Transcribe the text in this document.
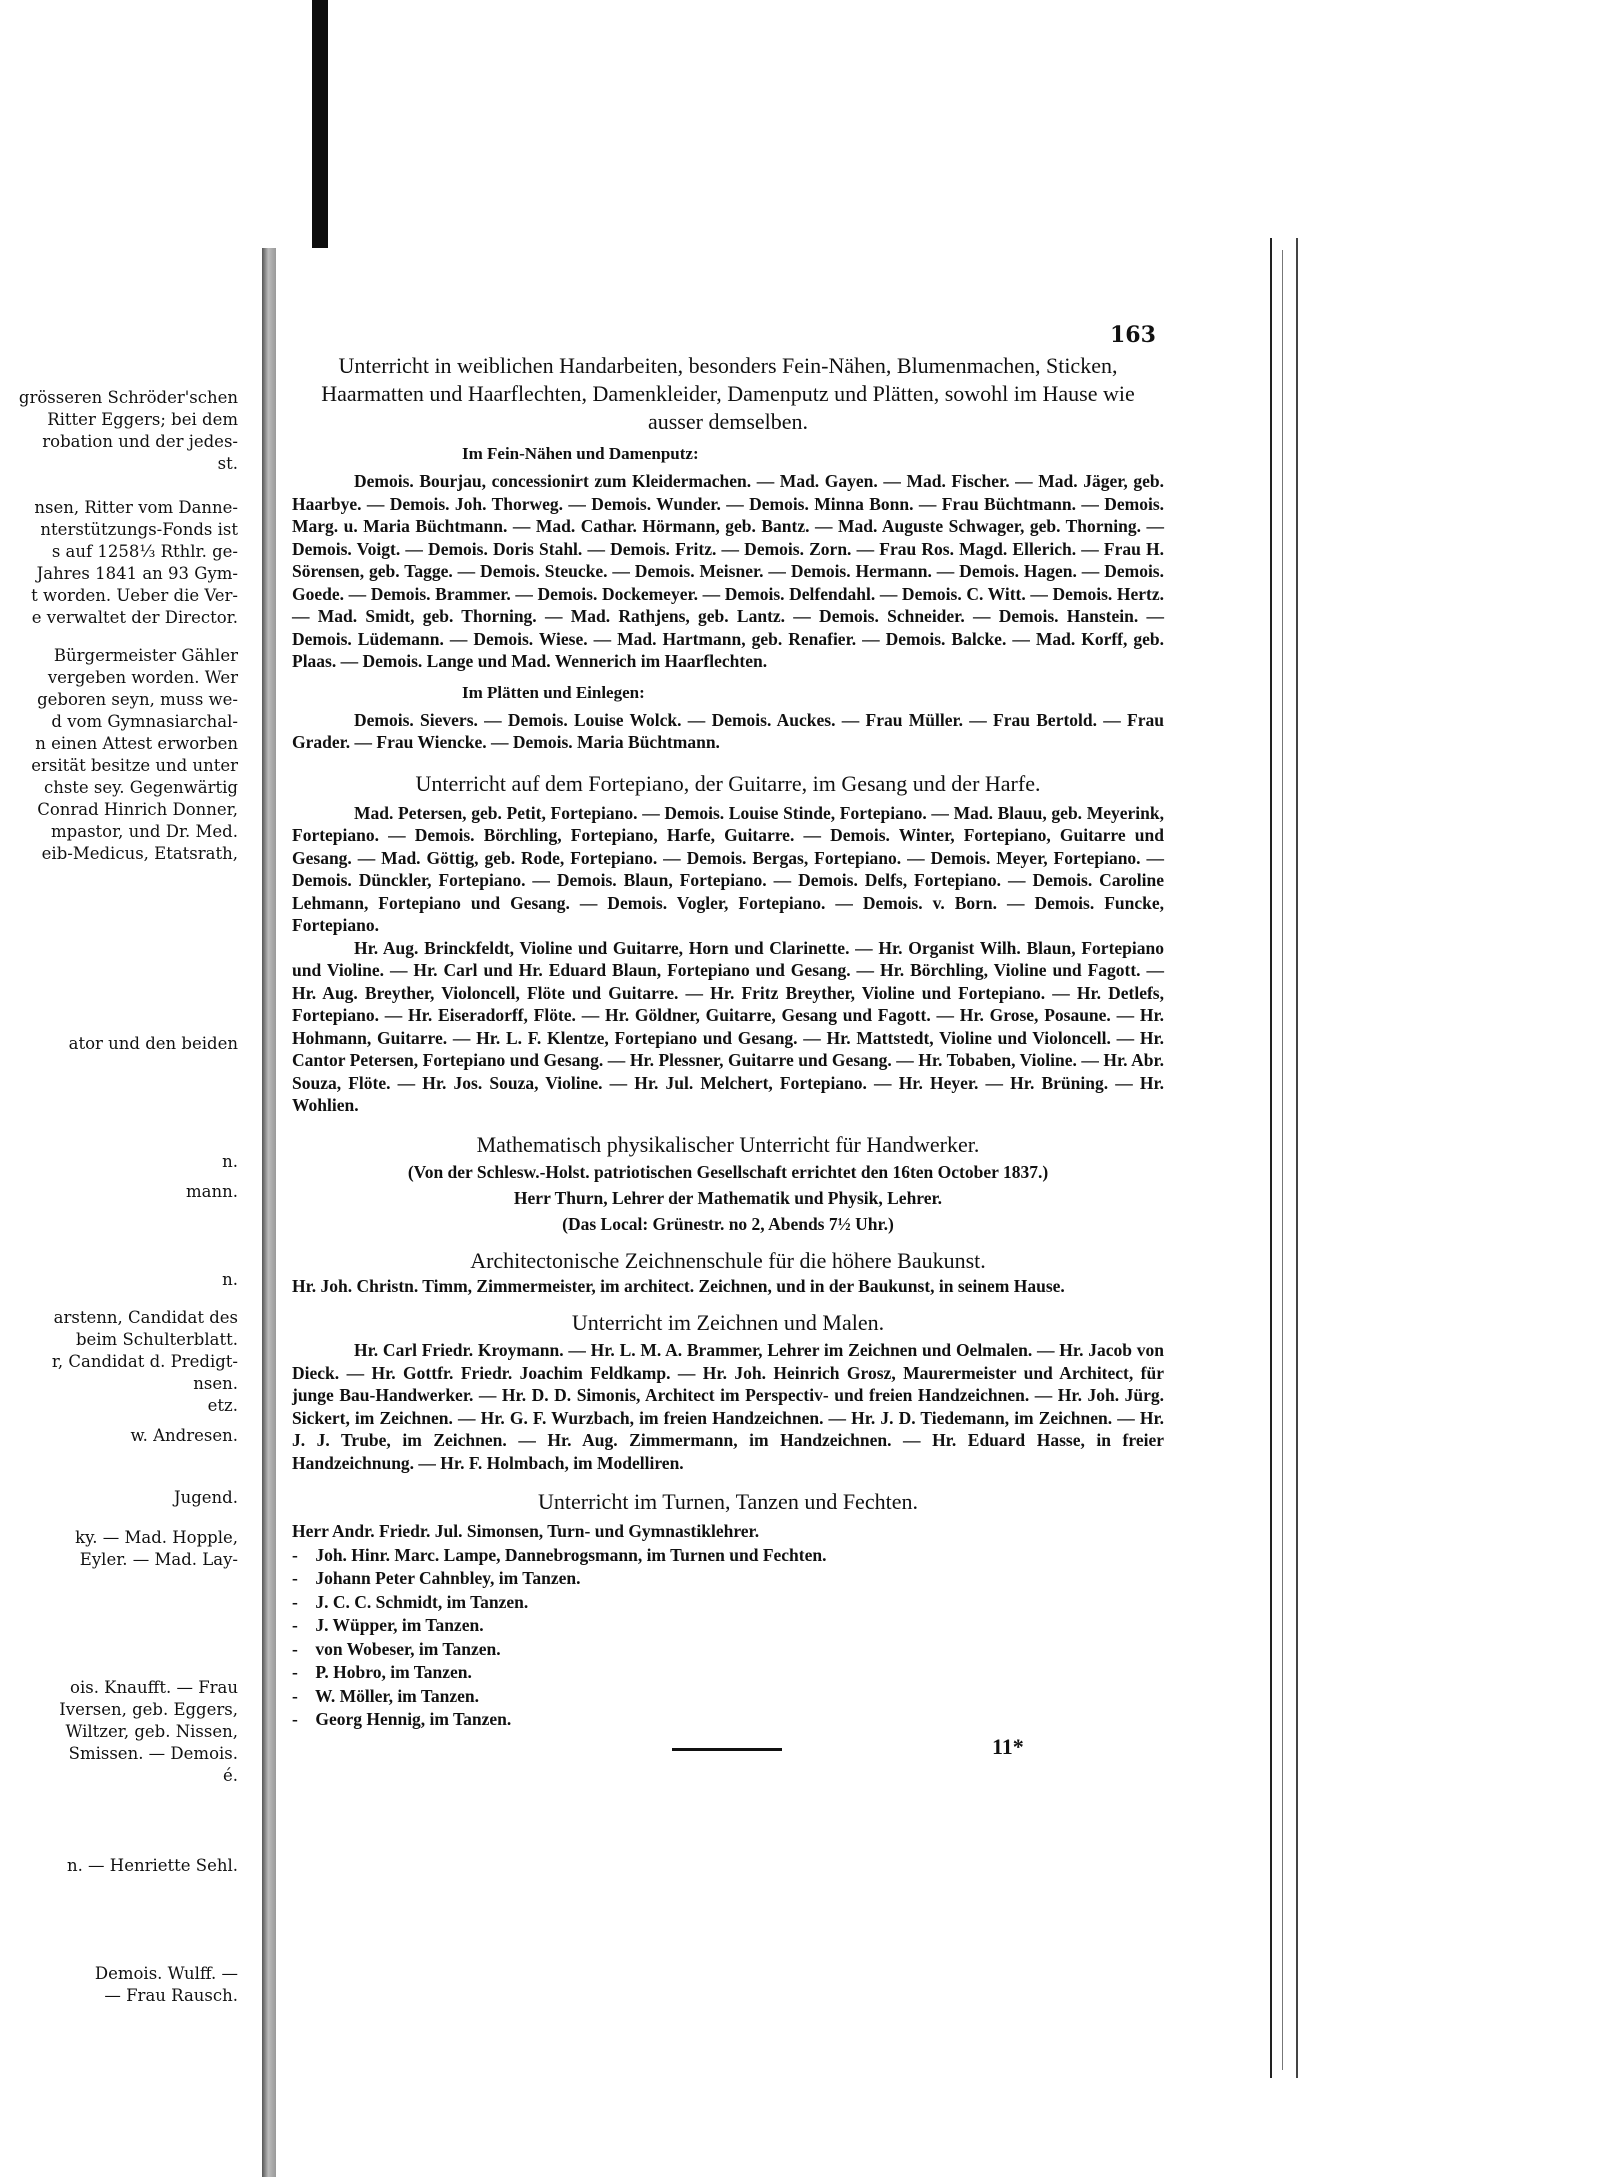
grösseren Schröder'schen
Ritter Eggers; bei dem
robation und der jedes-
st.
nsen, Ritter vom Danne-
nterstützungs-Fonds ist
s auf 1258⅓ Rthlr. ge-
Jahres 1841 an 93 Gym-
t worden. Ueber die Ver-
e verwaltet der Director.
Bürgermeister Gähler
vergeben worden. Wer
geboren seyn, muss we-
d vom Gymnasiarchal-
n einen Attest erworben
ersität besitze und unter
chste sey. Gegenwärtig
Conrad Hinrich Donner,
mpastor, und Dr. Med.
eib-Medicus, Etatsrath,
ator und den beiden
n.
mann.
n.
arstenn, Candidat des
beim Schulterblatt.
r, Candidat d. Predigt-
nsen.
etz.
w. Andresen.
Jugend.
ky. — Mad. Hopple,
Eyler. — Mad. Lay-
ois. Knaufft. — Frau
Iversen, geb. Eggers,
Wiltzer, geb. Nissen,
Smissen. — Demois.
é.
n. — Henriette Sehl.
Demois. Wulff. —
— Frau Rausch.
163
Unterricht in weiblichen Handarbeiten, besonders Fein-Nähen, Blumenmachen, Sticken, Haarmatten und Haarflechten, Damenkleider, Damenputz und Plätten, sowohl im Hause wie ausser demselben.
Im Fein-Nähen und Damenputz:

Demois. Bourjau, concessionirt zum Kleidermachen. — Mad. Gayen. — Mad. Fischer. — Mad. Jäger, geb. Haarbye. — Demois. Joh. Thorweg. — Demois. Wunder. — Demois. Minna Bonn. — Frau Büchtmann. — Demois. Marg. u. Maria Büchtmann. — Mad. Cathar. Hörmann, geb. Bantz. — Mad. Auguste Schwager, geb. Thorning. — Demois. Voigt. — Demois. Doris Stahl. — Demois. Fritz. — Demois. Zorn. — Frau Ros. Magd. Ellerich. — Frau H. Sörensen, geb. Tagge. — Demois. Steucke. — Demois. Meisner. — Demois. Hermann. — Demois. Hagen. — Demois. Goede. — Demois. Brammer. — Demois. Dockemeyer. — Demois. Delfendahl. — Demois. C. Witt. — Demois. Hertz. — Mad. Smidt, geb. Thorning. — Mad. Rathjens, geb. Lantz. — Demois. Schneider. — Demois. Hanstein. — Demois. Lüdemann. — Demois. Wiese. — Mad. Hartmann, geb. Renafier. — Demois. Balcke. — Mad. Korff, geb. Plaas. — Demois. Lange und Mad. Wennerich im Haarflechten.

Im Plätten und Einlegen:

Demois. Sievers. — Demois. Louise Wolck. — Demois. Auckes. — Frau Müller. — Frau Bertold. — Frau Grader. — Frau Wiencke. — Demois. Maria Büchtmann.

Unterricht auf dem Fortepiano, der Guitarre, im Gesang und der Harfe.

Mad. Petersen, geb. Petit, Fortepiano. — Demois. Louise Stinde, Fortepiano. — Mad. Blauu, geb. Meyerink, Fortepiano. — Demois. Börchling, Fortepiano, Harfe, Guitarre. — Demois. Winter, Fortepiano, Guitarre und Gesang. — Mad. Göttig, geb. Rode, Fortepiano. — Demois. Bergas, Fortepiano. — Demois. Meyer, Fortepiano. — Demois. Dünckler, Fortepiano. — Demois. Blaun, Fortepiano. — Demois. Delfs, Fortepiano. — Demois. Caroline Lehmann, Fortepiano und Gesang. — Demois. Vogler, Fortepiano. — Demois. v. Born. — Demois. Funcke, Fortepiano.

Hr. Aug. Brinckfeldt, Violine und Guitarre, Horn und Clarinette. — Hr. Organist Wilh. Blaun, Fortepiano und Violine. — Hr. Carl und Hr. Eduard Blaun, Fortepiano und Gesang. — Hr. Börchling, Violine und Fagott. — Hr. Aug. Breyther, Violoncell, Flöte und Guitarre. — Hr. Fritz Breyther, Violine und Fortepiano. — Hr. Detlefs, Fortepiano. — Hr. Eiseradorff, Flöte. — Hr. Göldner, Guitarre, Gesang und Fagott. — Hr. Grose, Posaune. — Hr. Hohmann, Guitarre. — Hr. L. F. Klentze, Fortepiano und Gesang. — Hr. Mattstedt, Violine und Violoncell. — Hr. Cantor Petersen, Fortepiano und Gesang. — Hr. Plessner, Guitarre und Gesang. — Hr. Tobaben, Violine. — Hr. Abr. Souza, Flöte. — Hr. Jos. Souza, Violine. — Hr. Jul. Melchert, Fortepiano. — Hr. Heyer. — Hr. Brüning. — Hr. Wohlien.

Mathematisch physikalischer Unterricht für Handwerker.
(Von der Schlesw.-Holst. patriotischen Gesellschaft errichtet den 16ten October 1837.)
Herr Thurn, Lehrer der Mathematik und Physik, Lehrer.
(Das Local: Grünestr. no 2, Abends 7½ Uhr.)
Architectonische Zeichnenschule für die höhere Baukunst.

Hr. Joh. Christn. Timm, Zimmermeister, im architect. Zeichnen, und in der Baukunst, in seinem Hause.

Unterricht im Zeichnen und Malen.

Hr. Carl Friedr. Kroymann. — Hr. L. M. A. Brammer, Lehrer im Zeichnen und Oelmalen. — Hr. Jacob von Dieck. — Hr. Gottfr. Friedr. Joachim Feldkamp. — Hr. Joh. Heinrich Grosz, Maurermeister und Architect, für junge Bau-Handwerker. — Hr. D. D. Simonis, Architect im Perspectiv- und freien Handzeichnen. — Hr. Joh. Jürg. Sickert, im Zeichnen. — Hr. G. F. Wurzbach, im freien Handzeichnen. — Hr. J. D. Tiedemann, im Zeichnen. — Hr. J. J. Trube, im Zeichnen. — Hr. Aug. Zimmermann, im Handzeichnen. — Hr. Eduard Hasse, in freier Handzeichnung. — Hr. F. Holmbach, im Modelliren.

Unterricht im Turnen, Tanzen und Fechten.
Herr Andr. Friedr. Jul. Simonsen, Turn- und Gymnastiklehrer.
-    Joh. Hinr. Marc. Lampe, Dannebrogsmann, im Turnen und Fechten.
-    Johann Peter Cahnbley, im Tanzen.
-    J. C. C. Schmidt, im Tanzen.
-    J. Wüpper, im Tanzen.
-    von Wobeser, im Tanzen.
-    P. Hobro, im Tanzen.
-    W. Möller, im Tanzen.
-    Georg Hennig, im Tanzen.
11*
